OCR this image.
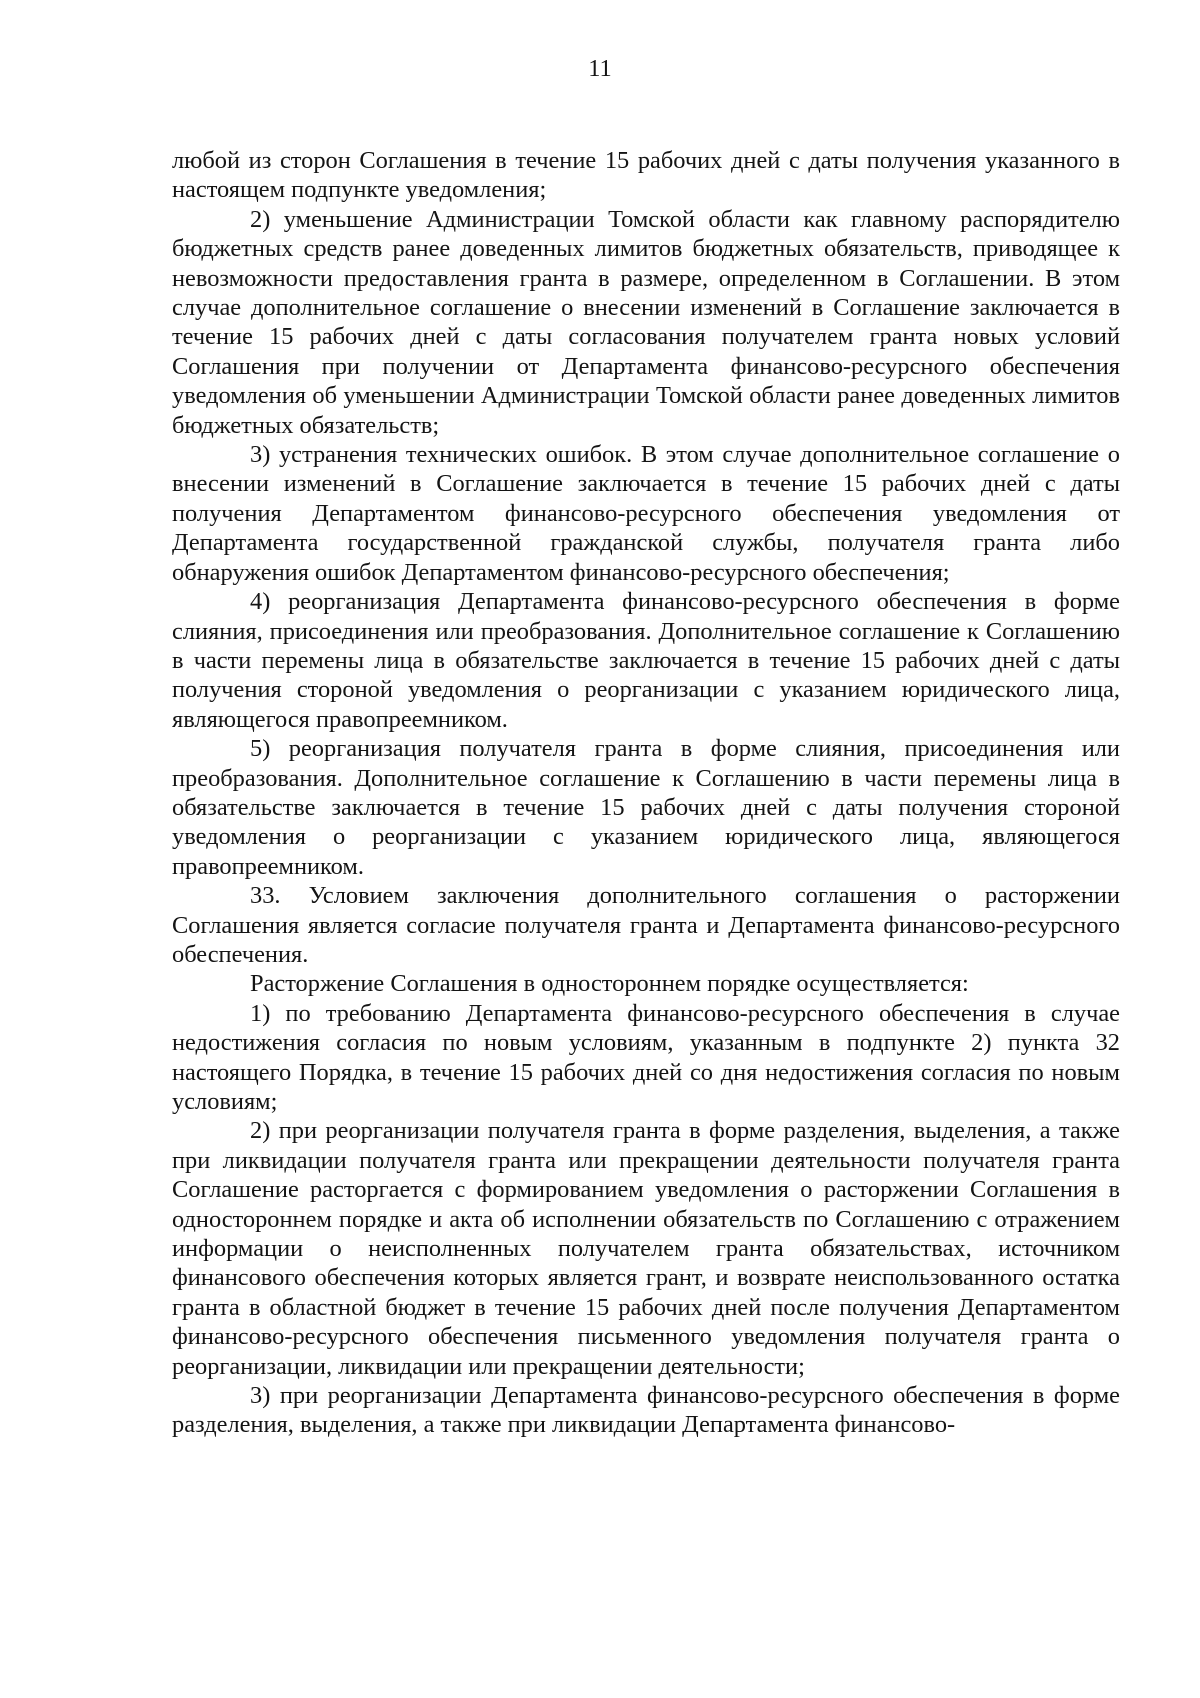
11

любой из сторон Соглашения в течение 15 рабочих дней с даты получения указанного в настоящем подпункте уведомления;

2) уменьшение Администрации Томской области как главному распорядителю бюджетных средств ранее доведенных лимитов бюджетных обязательств, приводящее к невозможности предоставления гранта в размере, определенном в Соглашении. В этом случае дополнительное соглашение о внесении изменений в Соглашение заключается в течение 15 рабочих дней с даты согласования получателем гранта новых условий Соглашения при получении от Департамента финансово-ресурсного обеспечения уведомления об уменьшении Администрации Томской области ранее доведенных лимитов бюджетных обязательств;

3) устранения технических ошибок. В этом случае дополнительное соглашение о внесении изменений в Соглашение заключается в течение 15 рабочих дней с даты получения Департаментом финансово-ресурсного обеспечения уведомления от Департамента государственной гражданской службы, получателя гранта либо обнаружения ошибок Департаментом финансово-ресурсного обеспечения;

4) реорганизация Департамента финансово-ресурсного обеспечения в форме слияния, присоединения или преобразования. Дополнительное соглашение к Соглашению в части перемены лица в обязательстве заключается в течение 15 рабочих дней с даты получения стороной уведомления о реорганизации с указанием юридического лица, являющегося правопреемником.

5) реорганизация получателя гранта в форме слияния, присоединения или преобразования. Дополнительное соглашение к Соглашению в части перемены лица в обязательстве заключается в течение 15 рабочих дней с даты получения стороной уведомления о реорганизации с указанием юридического лица, являющегося правопреемником.

33. Условием заключения дополнительного соглашения о расторжении Соглашения является согласие получателя гранта и Департамента финансово-ресурсного обеспечения.

Расторжение Соглашения в одностороннем порядке осуществляется:

1) по требованию Департамента финансово-ресурсного обеспечения в случае недостижения согласия по новым условиям, указанным в подпункте 2) пункта 32 настоящего Порядка, в течение 15 рабочих дней со дня недостижения согласия по новым условиям;

2) при реорганизации получателя гранта в форме разделения, выделения, а также при ликвидации получателя гранта или прекращении деятельности получателя гранта Соглашение расторгается с формированием уведомления о расторжении Соглашения в одностороннем порядке и акта об исполнении обязательств по Соглашению с отражением информации о неисполненных получателем гранта обязательствах, источником финансового обеспечения которых является грант, и возврате неиспользованного остатка гранта в областной бюджет в течение 15 рабочих дней после получения Департаментом финансово-ресурсного обеспечения письменного уведомления получателя гранта о реорганизации, ликвидации или прекращении деятельности;

3) при реорганизации Департамента финансово-ресурсного обеспечения в форме разделения, выделения, а также при ликвидации Департамента финансово-
